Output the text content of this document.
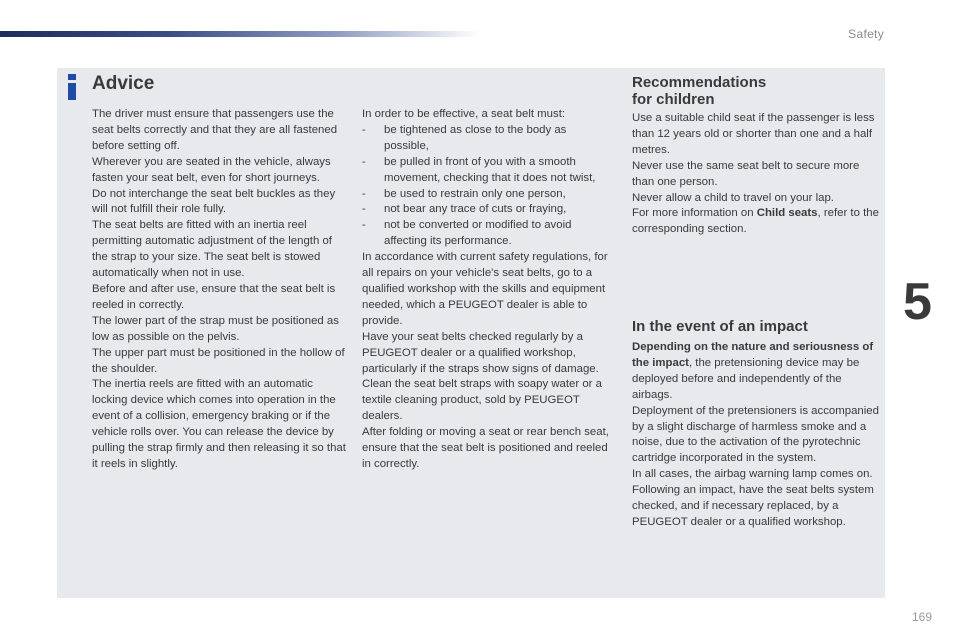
Safety
Advice

The driver must ensure that passengers use the seat belts correctly and that they are all fastened before setting off.

Wherever you are seated in the vehicle, always fasten your seat belt, even for short journeys.

Do not interchange the seat belt buckles as they will not fulfill their role fully.

The seat belts are fitted with an inertia reel permitting automatic adjustment of the length of the strap to your size. The seat belt is stowed automatically when not in use.

Before and after use, ensure that the seat belt is reeled in correctly.

The lower part of the strap must be positioned as low as possible on the pelvis.

The upper part must be positioned in the hollow of the shoulder.

The inertia reels are fitted with an automatic locking device which comes into operation in the event of a collision, emergency braking or if the vehicle rolls over. You can release the device by pulling the strap firmly and then releasing it so that it reels in slightly.

In order to be effective, a seat belt must:

-	be tightened as close to the body as possible,
-	be pulled in front of you with a smooth movement, checking that it does not twist,
-	be used to restrain only one person,
-	not bear any trace of cuts or fraying,
-	not be converted or modified to avoid affecting its performance.

In accordance with current safety regulations, for all repairs on your vehicle's seat belts, go to a qualified workshop with the skills and equipment needed, which a PEUGEOT dealer is able to provide.

Have your seat belts checked regularly by a PEUGEOT dealer or a qualified workshop, particularly if the straps show signs of damage.

Clean the seat belt straps with soapy water or a textile cleaning product, sold by PEUGEOT dealers.

After folding or moving a seat or rear bench seat, ensure that the seat belt is positioned and reeled in correctly.

Recommendations
for children

Use a suitable child seat if the passenger is less than 12 years old or shorter than one and a half metres.

Never use the same seat belt to secure more than one person.

Never allow a child to travel on your lap.

For more information on Child seats, refer to the corresponding section.

In the event of an impact

Depending on the nature and seriousness of the impact, the pretensioning device may be deployed before and independently of the airbags.

Deployment of the pretensioners is accompanied by a slight discharge of harmless smoke and a noise, due to the activation of the pyrotechnic cartridge incorporated in the system.

In all cases, the airbag warning lamp comes on.

Following an impact, have the seat belts system checked, and if necessary replaced, by a PEUGEOT dealer or a qualified workshop.

5
169
